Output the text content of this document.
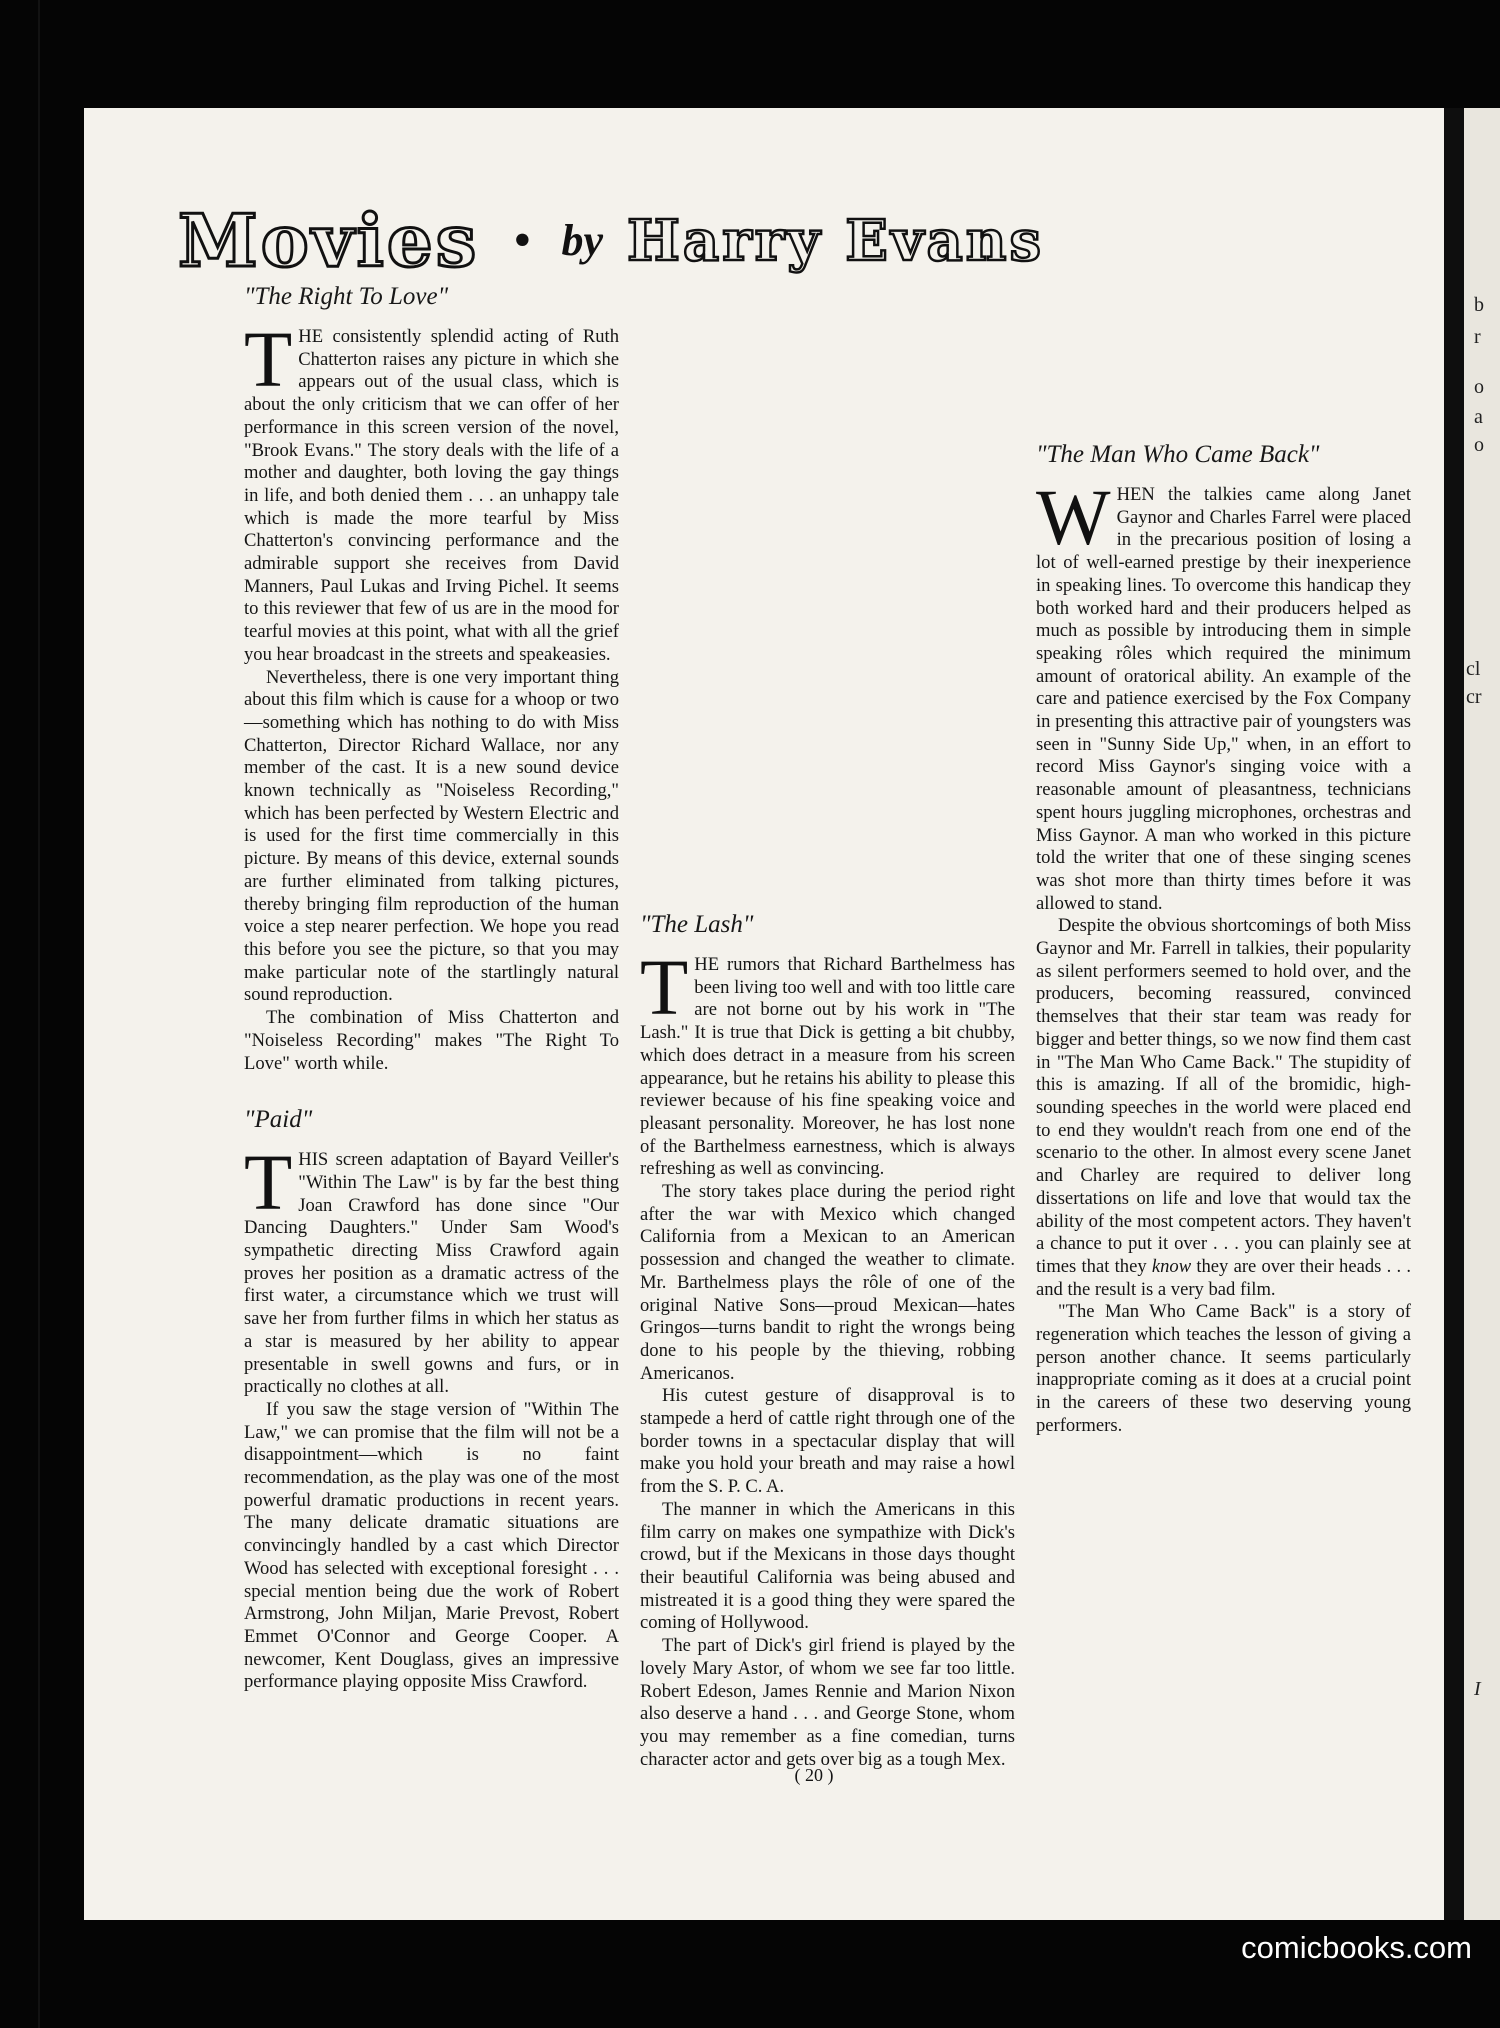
b
r
o
a
o
cl
cr
I
Movies • by Harry Evans
"The Right To Love"

THE consistently splendid acting of Ruth Chatterton raises any picture in which she appears out of the usual class, which is about the only criticism that we can offer of her performance in this screen version of the novel, "Brook Evans." The story deals with the life of a mother and daughter, both loving the gay things in life, and both denied them . . . an unhappy tale which is made the more tearful by Miss Chatterton's convincing performance and the admirable support she receives from David Manners, Paul Lukas and Irving Pichel. It seems to this reviewer that few of us are in the mood for tearful movies at this point, what with all the grief you hear broadcast in the streets and speakeasies.

Nevertheless, there is one very important thing about this film which is cause for a whoop or two—something which has nothing to do with Miss Chatterton, Director Richard Wallace, nor any member of the cast. It is a new sound device known technically as "Noiseless Recording," which has been perfected by Western Electric and is used for the first time commercially in this picture. By means of this device, external sounds are further eliminated from talking pictures, thereby bringing film reproduction of the human voice a step nearer perfection. We hope you read this before you see the picture, so that you may make particular note of the startlingly natural sound reproduction.

The combination of Miss Chatterton and "Noiseless Recording" makes "The Right To Love" worth while.

"Paid"

THIS screen adaptation of Bayard Veiller's "Within The Law" is by far the best thing Joan Crawford has done since "Our Dancing Daughters." Under Sam Wood's sympathetic directing Miss Crawford again proves her position as a dramatic actress of the first water, a circumstance which we trust will save her from further films in which her status as a star is measured by her ability to appear presentable in swell gowns and furs, or in practically no clothes at all.

If you saw the stage version of "Within The Law," we can promise that the film will not be a disappointment—which is no faint recommendation, as the play was one of the most powerful dramatic productions in recent years. The many delicate dramatic situations are convincingly handled by a cast which Director Wood has selected with exceptional foresight . . . special mention being due the work of Robert Armstrong, John Miljan, Marie Prevost, Robert Emmet O'Connor and George Cooper. A newcomer, Kent Douglass, gives an impressive performance playing opposite Miss Crawford.

"The Lash"

THE rumors that Richard Barthelmess has been living too well and with too little care are not borne out by his work in "The Lash." It is true that Dick is getting a bit chubby, which does detract in a measure from his screen appearance, but he retains his ability to please this reviewer because of his fine speaking voice and pleasant personality. Moreover, he has lost none of the Barthelmess earnestness, which is always refreshing as well as convincing.

The story takes place during the period right after the war with Mexico which changed California from a Mexican to an American possession and changed the weather to climate. Mr. Barthelmess plays the rôle of one of the original Native Sons—proud Mexican—hates Gringos—turns bandit to right the wrongs being done to his people by the thieving, robbing Americanos.

His cutest gesture of disapproval is to stampede a herd of cattle right through one of the border towns in a spectacular display that will make you hold your breath and may raise a howl from the S. P. C. A.

The manner in which the Americans in this film carry on makes one sympathize with Dick's crowd, but if the Mexicans in those days thought their beautiful California was being abused and mistreated it is a good thing they were spared the coming of Hollywood.

The part of Dick's girl friend is played by the lovely Mary Astor, of whom we see far too little. Robert Edeson, James Rennie and Marion Nixon also deserve a hand . . . and George Stone, whom you may remember as a fine comedian, turns character actor and gets over big as a tough Mex.

"The Man Who Came Back"

WHEN the talkies came along Janet Gaynor and Charles Farrel were placed in the precarious position of losing a lot of well-earned prestige by their inexperience in speaking lines. To overcome this handicap they both worked hard and their producers helped as much as possible by introducing them in simple speaking rôles which required the minimum amount of oratorical ability. An example of the care and patience exercised by the Fox Company in presenting this attractive pair of youngsters was seen in "Sunny Side Up," when, in an effort to record Miss Gaynor's singing voice with a reasonable amount of pleasantness, technicians spent hours juggling microphones, orchestras and Miss Gaynor. A man who worked in this picture told the writer that one of these singing scenes was shot more than thirty times before it was allowed to stand.

Despite the obvious shortcomings of both Miss Gaynor and Mr. Farrell in talkies, their popularity as silent performers seemed to hold over, and the producers, becoming reassured, convinced themselves that their star team was ready for bigger and better things, so we now find them cast in "The Man Who Came Back." The stupidity of this is amazing. If all of the bromidic, high-sounding speeches in the world were placed end to end they wouldn't reach from one end of the scenario to the other. In almost every scene Janet and Charley are required to deliver long dissertations on life and love that would tax the ability of the most competent actors. They haven't a chance to put it over . . . you can plainly see at times that they know they are over their heads . . . and the result is a very bad film.

"The Man Who Came Back" is a story of regeneration which teaches the lesson of giving a person another chance. It seems particularly inappropriate coming as it does at a crucial point in the careers of these two deserving young performers.

( 20 )
comicbooks.com
